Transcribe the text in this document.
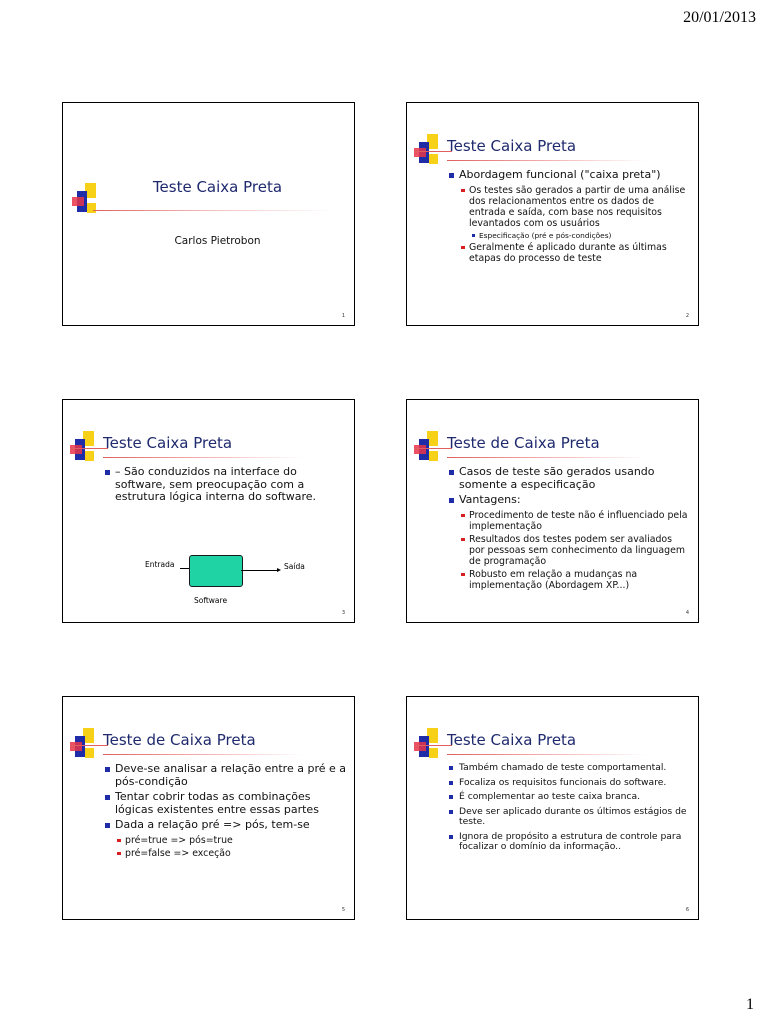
20/01/2013
Teste Caixa Preta
Carlos Pietrobon
1
Teste Caixa Preta
Abordagem funcional ("caixa preta")
Os testes são gerados a partir de uma análise dos relacionamentos entre os dados de entrada e saída, com base nos requisitos levantados com os usuários
Especificação (pré e pós-condições)
Geralmente é aplicado durante as últimas etapas do processo de teste
2
Teste Caixa Preta
– São conduzidos na interface do software, sem preocupação com a estrutura lógica interna do software.
Entrada	Saída
Software
3
Teste de Caixa Preta
Casos de teste são gerados usando somente a especificação
Vantagens:
Procedimento de teste não é influenciado pela implementação
Resultados dos testes podem ser avaliados por pessoas sem conhecimento da linguagem de programação
Robusto em relação a mudanças na implementação (Abordagem XP...)
4
Teste de Caixa Preta
Deve-se analisar a relação entre a pré e a pós-condição
Tentar cobrir todas as combinações lógicas existentes entre essas partes
Dada a relação pré => pós, tem-se
pré=true => pós=true
pré=false => exceção
5
Teste Caixa Preta
Também chamado de teste comportamental.
Focaliza os requisitos funcionais do software.
É complementar ao teste caixa branca.
Deve ser aplicado durante os últimos estágios de teste.
Ignora de propósito a estrutura de controle para focalizar o domínio da informação..
6
1
